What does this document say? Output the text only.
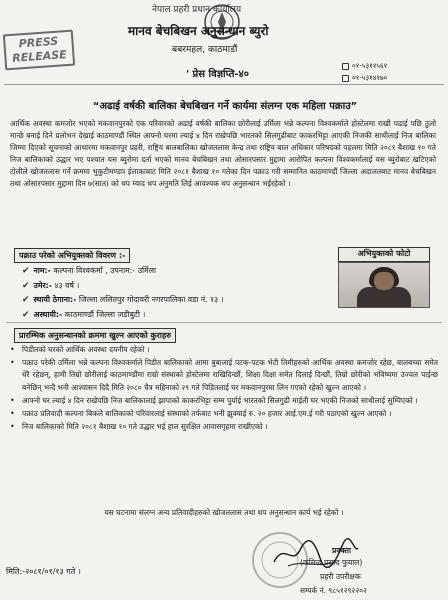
PRESS
RELEASE
नेपाल प्रहरी प्रधान कार्यालय
मानव बेचबिखन अनुसन्धान ब्युरो
बबरमहल, काठमाडौं
' प्रेस विज्ञप्ति-४०
०१-५३११५६१
०१-५३१४१७०
“अढाई वर्षकी बालिका बेचबिखन गर्ने कार्यमा संलग्न एक महिला पक्राउ”
आर्थिक अवस्था कमजोर भएको मकवानपुरको एक परिवारको अढाई वर्षकी बालिका छोरीलाई उर्मिला भन्ने कल्पना विश्वकर्माले होस्टेलमा राखी पढाई पछि ठुलो मान्छे बनाई दिने प्रलोभन देखाई काठमाण्डौं स्थित आफ्नो घरमा ल्याई ४ दिन राखेपछि भारतको सिलगुढीबाट काकरभिट्टा आएकी निजकी साथीलाई निज बालिका जिम्मा दिएको सूचनाको आधारमा मकवानपुर प्रहरी, राष्ट्रिय बालबालिका खोजतलास केन्द्र तथा राष्ट्रिय बाल अधिकार परिषदको पहलमा मिति २०८१ बैशाख १० गते निज बालिकाको उद्धार भए पश्चात यस ब्युरोमा दर्ता भएको मानव बेचबिखन तथा ओसारपसार मुद्दामा आरोपित कल्पना विश्वकर्मालाई यस ब्युरोबाट खटिएको टोलीले खोजतलास गर्ने क्रममा भुकुटीमण्डप ईलाकाबाट मिति २०८१ बैशाख १० गतेका दिन पक्राउ गरी सम्मानित काठमाण्डौं जिल्ला अदालतबाट मानव बेचबिखन तथा ओसारपसार मुद्दामा दिन ७(सात) को थप म्याद थप अनुमति लिई आवश्यक थप अनुसन्धान भईरहेको ।
पक्राउ परेको अभियुक्तको विवरण :-
✔ नाम:- कल्पना विश्वकर्मा , उपनाम:- उर्मिला
✔ उमेर:- ४३ वर्ष ।
✔ स्थायी ठेगाना:- जिल्ला ललितपुर गोदावरी नगरपालिका वडा नं. १३ ।
✔ अस्थायी:- काठमाण्डौं जिल्ला जडीबुटी ।
अभियुक्तको फोटो
प्रारम्भिक अनुसन्धानको क्रममा खुल्न आएको कुराहरु
• पिडीतको घरको आर्थिक अवस्था दयनीय रहेको ।
• पक्राउ परेकी उर्मिला भन्ने कल्पना विश्वकर्माले पिडीत बालिकाको आमा बुबालाई पटक-पटक भेटी तिमीहरुको आर्थिक अवस्था कमजोर रहेछ, बालबच्चा समेत धेरै रहेछन्, हामी तिम्रो छोरीलाई काठमाण्डौंमा राम्रो संस्थाको होस्टेलमा राखिदिन्छौं, शिक्षा दिक्षा समेत दिलाई दिन्छौं, तिम्रो छोरीको भविष्यमा उज्वल पाईन्छ बनेछिन् भन्दै भनी आश्वासन दिदै मिति २०८० चैत्र महिनाको २९ गते पिडितलाई घर मकवानपुरमा लिन गएको रहेको खुल्न आएको ।
• आफ्नो घर ल्याई ४ दिन राखेपछि निज बालिकालाई झापाको काकरभिट्टा सम्म पुर्याई भारतको सिलगुढी माईती घर भएकी निजको साथीलाई सुम्पिएको ।
• पक्राउ प्रतिवादी कल्पना बिकले बालिकाको परिवारलाई संस्थाको तर्फबाट भनी झुक्याई रु. २० हजार आई.एम.ई गरी पठाएको खुल्न आएको ।
• निज बालिकाको मिति २०८१ बैशाख १० गते उद्धार भई हाल सुरक्षित आवासगृहमा राखीएको ।
यस घटनामा संलग्न अन्य प्रतिवादीहरुको खोजतलास तथा थप अनुसन्धान कार्य भई रहेको ।
प्रवक्ता
(कमिन्द्र प्रसाद फुयाल)
प्रहरी उपरीक्षक
सम्पर्क नं. ९८५१२९२२०२
मिति:-२०८१/०१/१३ गते ।
